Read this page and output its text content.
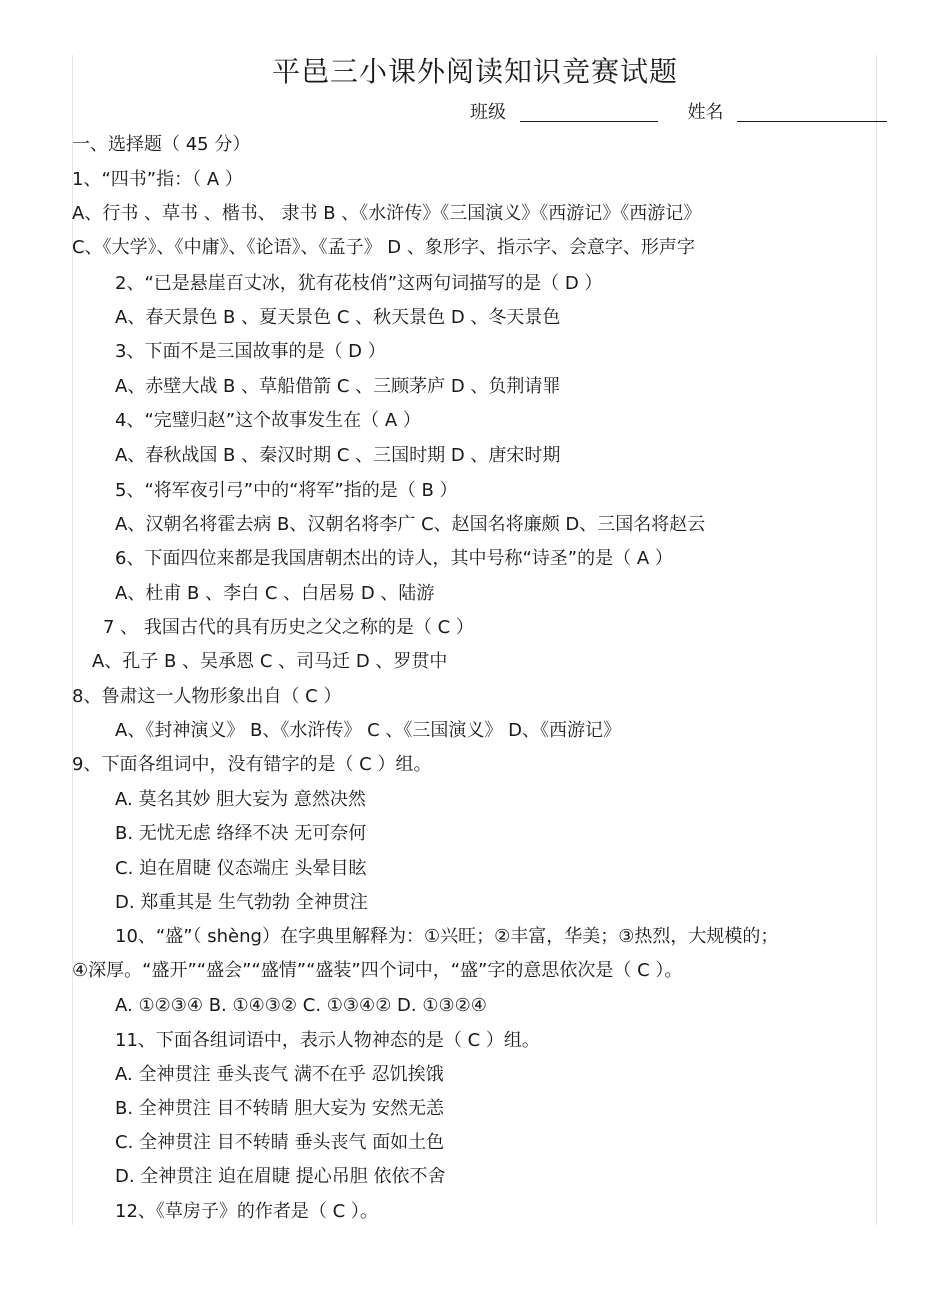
平邑三小课外阅读知识竞赛试题
班级	姓名
一、选择题（ 45 分）
1、“四书”指：（ A ）
A、行书 、草书 、楷书、 隶书 B 、《水浒传》《三国演义》《西游记》《西游记》
C、《大学》、《中庸》、《论语》、《孟子》 D 、象形字、指示字、会意字、形声字
2、“已是悬崖百丈冰，犹有花枝俏”这两句词描写的是（ D ）
A、春天景色 B 、夏天景色 C 、秋天景色 D 、冬天景色
3、下面不是三国故事的是（ D ）
A、赤壁大战 B 、草船借箭 C 、三顾茅庐 D 、负荆请罪
4、“完璧归赵”这个故事发生在（ A ）
A、春秋战国 B 、秦汉时期 C 、三国时期 D 、唐宋时期
5、“将军夜引弓”中的“将军”指的是（ B ）
A、汉朝名将霍去病 B、汉朝名将李广 C、赵国名将廉颇 D、三国名将赵云
6、下面四位来都是我国唐朝杰出的诗人，其中号称“诗圣”的是（ A ）
A、杜甫 B 、李白 C 、白居易 D 、陆游
7 、 我国古代的具有历史之父之称的是（ C ）
A、孔子 B 、吴承恩 C 、司马迁 D 、罗贯中
8、鲁肃这一人物形象出自（ C ）
A、《封神演义》 B、《水浒传》 C 、《三国演义》 D、《西游记》
9、下面各组词中，没有错字的是（ C ）组。
A. 莫名其妙 胆大妄为 意然决然
B. 无忧无虑 络绎不决 无可奈何
C. 迫在眉睫 仪态端庄 头晕目眩
D. 郑重其是 生气勃勃 全神贯注
10、“盛”（ shèng）在字典里解释为：①兴旺；②丰富，华美；③热烈，大规模的；
④深厚。“盛开”“盛会”“盛情”“盛装”四个词中，“盛”字的意思依次是（ C ）。
A. ①②③④ B. ①④③② C. ①③④② D. ①③②④
11、下面各组词语中，表示人物神态的是（ C ）组。
A. 全神贯注 垂头丧气 满不在乎 忍饥挨饿
B. 全神贯注 目不转睛 胆大妄为 安然无恙
C. 全神贯注 目不转睛 垂头丧气 面如土色
D. 全神贯注 迫在眉睫 提心吊胆 依依不舍
12、《草房子》的作者是（ C ）。
